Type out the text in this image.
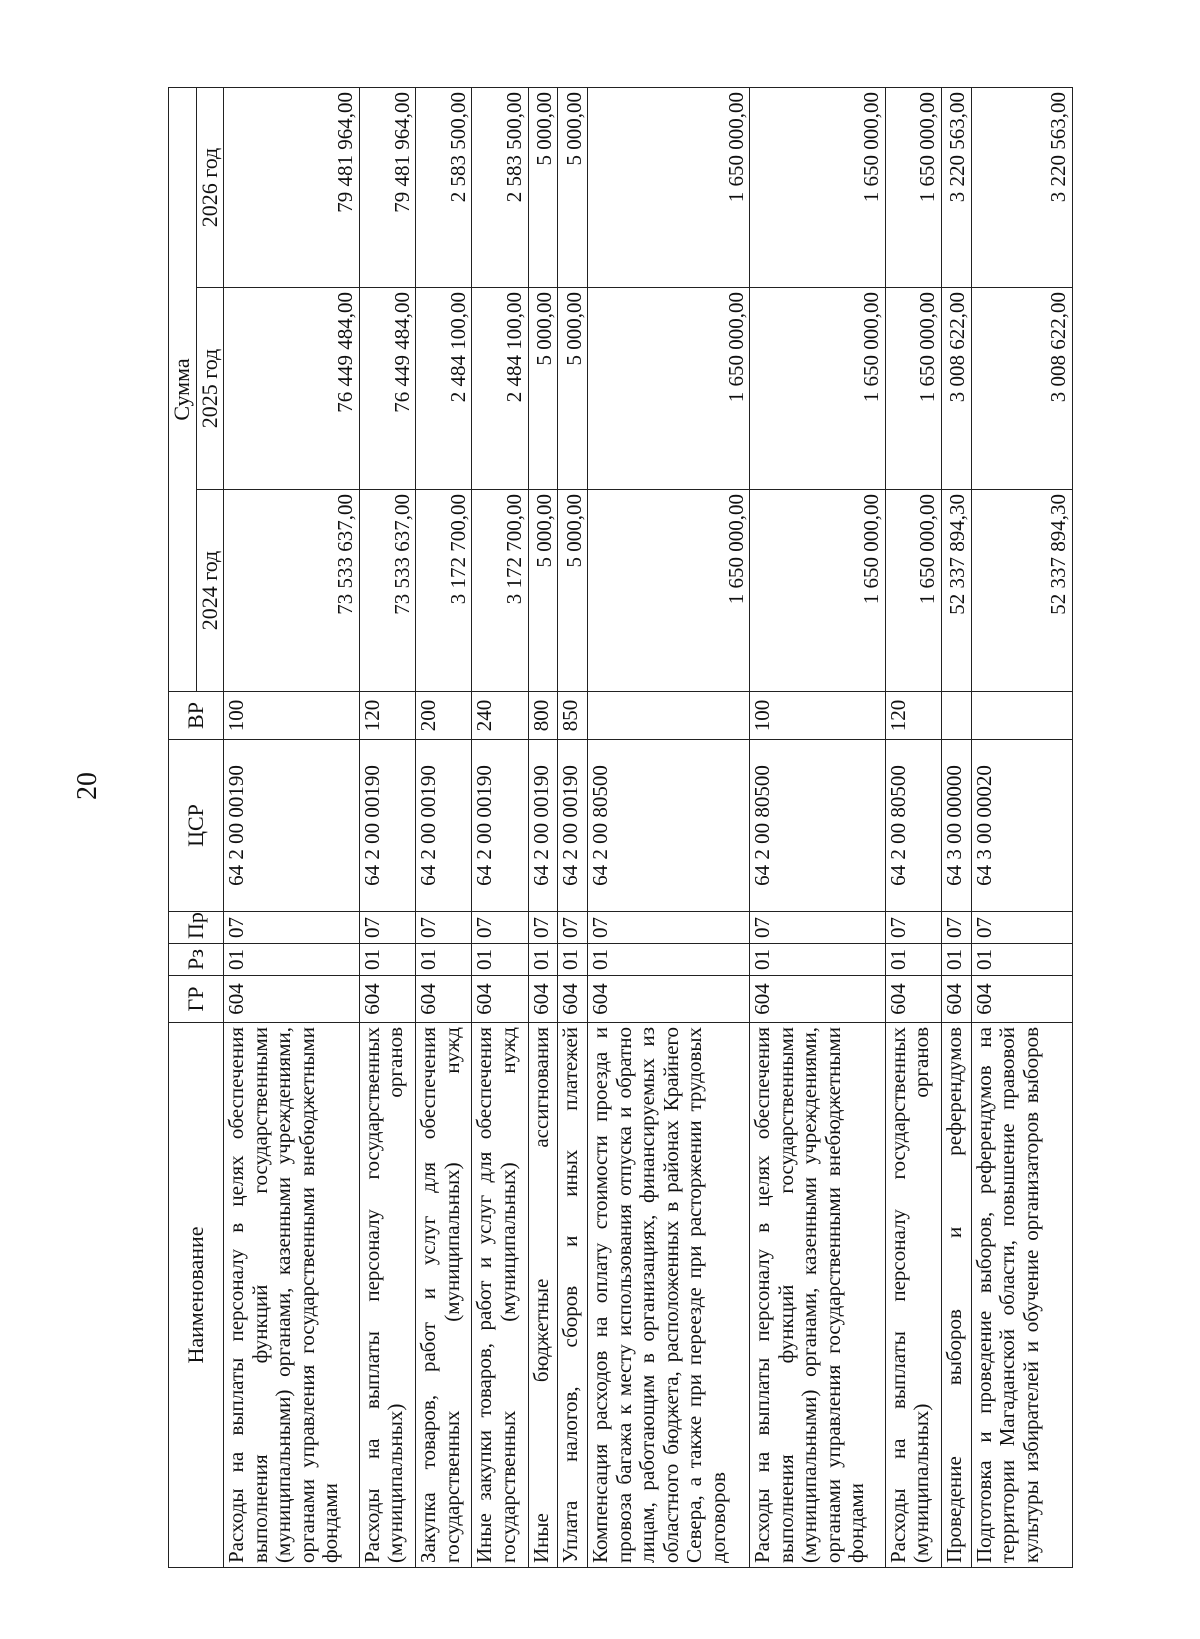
20
Наименование	ГР	Рз	Пр	ЦСР	ВР	Сумма		
						2024 год	2025 год	2026 год
Расходы на выплаты персоналу в целях обеспечения выполнения функций государственными (муниципальными) органами, казенными учреждениями, органами управления государственными внебюджетными фондами	604	01	07	64 2 00 00190	100	73 533 637,00	76 449 484,00	79 481 964,00
Расходы на выплаты персоналу государственных (муниципальных) органов	604	01	07	64 2 00 00190	120	73 533 637,00	76 449 484,00	79 481 964,00
Закупка товаров, работ и услуг для обеспечения государственных (муниципальных) нужд	604	01	07	64 2 00 00190	200	3 172 700,00	2 484 100,00	2 583 500,00
Иные закупки товаров, работ и услуг для обеспечения государственных (муниципальных) нужд	604	01	07	64 2 00 00190	240	3 172 700,00	2 484 100,00	2 583 500,00
Иные бюджетные ассигнования	604	01	07	64 2 00 00190	800	5 000,00	5 000,00	5 000,00
Уплата налогов, сборов и иных платежей	604	01	07	64 2 00 00190	850	5 000,00	5 000,00	5 000,00
Компенсация расходов на оплату стоимости проезда и провоза багажа к месту использования отпуска и обратно лицам, работающим в организациях, финансируемых из областного бюджета, расположенных в районах Крайнего Севера, а также при переезде при расторжении трудовых договоров	604	01	07	64 2 00 80500		1 650 000,00	1 650 000,00	1 650 000,00
Расходы на выплаты персоналу в целях обеспечения выполнения функций государственными (муниципальными) органами, казенными учреждениями, органами управления государственными внебюджетными фондами	604	01	07	64 2 00 80500	100	1 650 000,00	1 650 000,00	1 650 000,00
Расходы на выплаты персоналу государственных (муниципальных) органов	604	01	07	64 2 00 80500	120	1 650 000,00	1 650 000,00	1 650 000,00
Проведение выборов и референдумов	604	01	07	64 3 00 00000		52 337 894,30	3 008 622,00	3 220 563,00
Подготовка и проведение выборов, референдумов на территории Магаданской области, повышение правовой культуры избирателей и обучение организаторов выборов	604	01	07	64 3 00 00020		52 337 894,30	3 008 622,00	3 220 563,00
